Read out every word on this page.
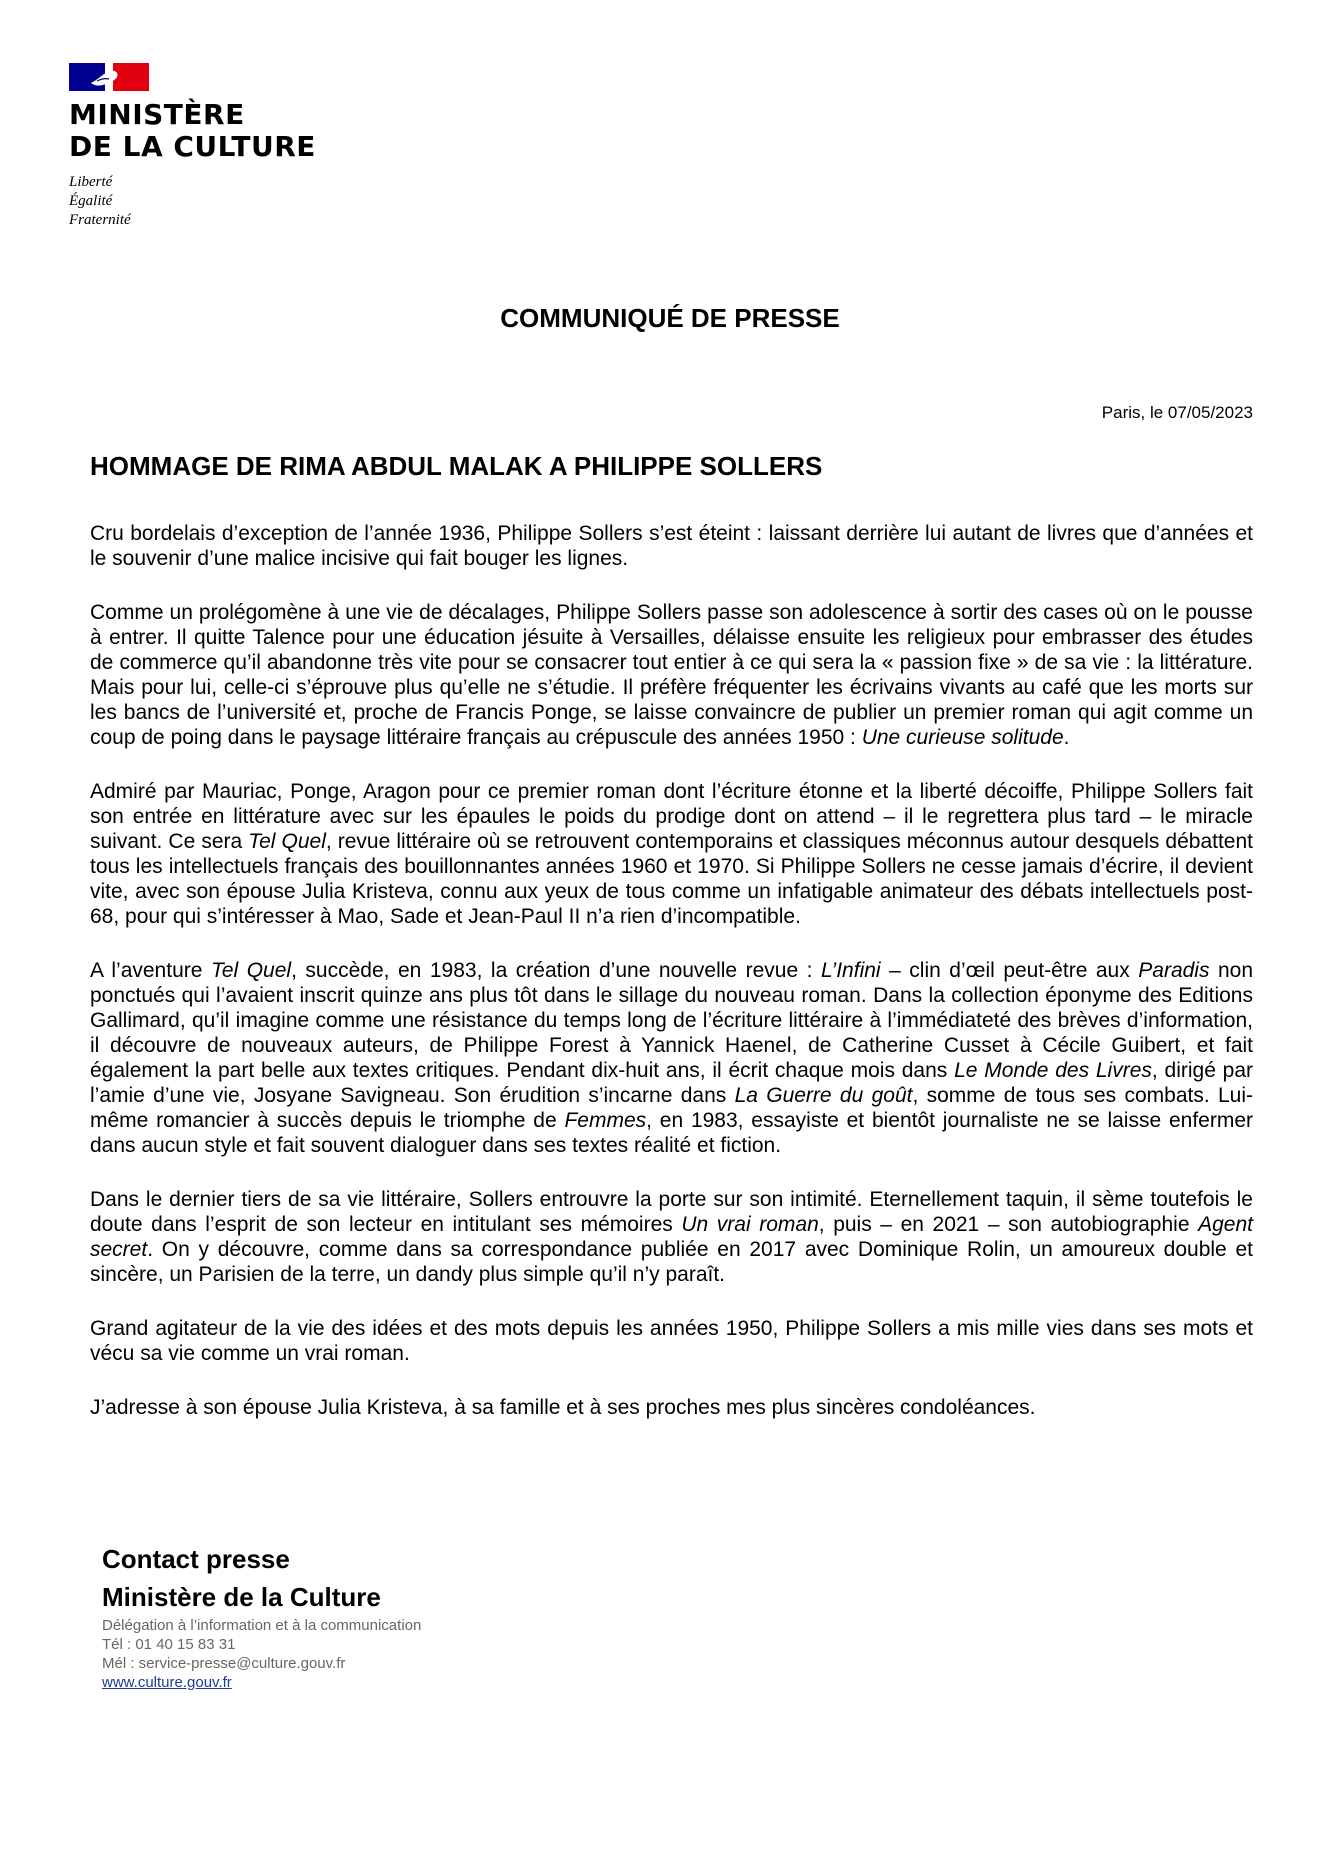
MINISTÈRE
DE LA CULTURE
Liberté
Égalité
Fraternité
COMMUNIQUÉ DE PRESSE
Paris, le 07/05/2023
HOMMAGE DE RIMA ABDUL MALAK A PHILIPPE SOLLERS

Cru bordelais d’exception de l’année 1936, Philippe Sollers s’est éteint : laissant derrière lui autant de livres que d’années et le souvenir d’une malice incisive qui fait bouger les lignes.

Comme un prolégomène à une vie de décalages, Philippe Sollers passe son adolescence à sortir des cases où on le pousse à entrer. Il quitte Talence pour une éducation jésuite à Versailles, délaisse ensuite les religieux pour embrasser des études de commerce qu’il abandonne très vite pour se consacrer tout entier à ce qui sera la « passion fixe » de sa vie : la littérature. Mais pour lui, celle-ci s’éprouve plus qu’elle ne s’étudie. Il préfère fréquenter les écrivains vivants au café que les morts sur les bancs de l’université et, proche de Francis Ponge, se laisse convaincre de publier un premier roman qui agit comme un coup de poing dans le paysage littéraire français au crépuscule des années 1950 : Une curieuse solitude.

Admiré par Mauriac, Ponge, Aragon pour ce premier roman dont l’écriture étonne et la liberté décoiffe, Philippe Sollers fait son entrée en littérature avec sur les épaules le poids du prodige dont on attend – il le regrettera plus tard – le miracle suivant. Ce sera Tel Quel, revue littéraire où se retrouvent contemporains et classiques méconnus autour desquels débattent tous les intellectuels français des bouillonnantes années 1960 et 1970. Si Philippe Sollers ne cesse jamais d’écrire, il devient vite, avec son épouse Julia Kristeva, connu aux yeux de tous comme un infatigable animateur des débats intellectuels post-68, pour qui s’intéresser à Mao, Sade et Jean-Paul II n’a rien d’incompatible.

A l’aventure Tel Quel, succède, en 1983, la création d’une nouvelle revue : L’Infini – clin d’œil peut-être aux Paradis non ponctués qui l’avaient inscrit quinze ans plus tôt dans le sillage du nouveau roman. Dans la collection éponyme des Editions Gallimard, qu’il imagine comme une résistance du temps long de l’écriture littéraire à l’immédiateté des brèves d’information, il découvre de nouveaux auteurs, de Philippe Forest à Yannick Haenel, de Catherine Cusset à Cécile Guibert, et fait également la part belle aux textes critiques. Pendant dix-huit ans, il écrit chaque mois dans Le Monde des Livres, dirigé par l’amie d’une vie, Josyane Savigneau. Son érudition s’incarne dans La Guerre du goût, somme de tous ses combats. Lui-même romancier à succès depuis le triomphe de Femmes, en 1983, essayiste et bientôt journaliste ne se laisse enfermer dans aucun style et fait souvent dialoguer dans ses textes réalité et fiction.

Dans le dernier tiers de sa vie littéraire, Sollers entrouvre la porte sur son intimité. Eternellement taquin, il sème toutefois le doute dans l’esprit de son lecteur en intitulant ses mémoires Un vrai roman, puis – en 2021 – son autobiographie Agent secret. On y découvre, comme dans sa correspondance publiée en 2017 avec Dominique Rolin, un amoureux double et sincère, un Parisien de la terre, un dandy plus simple qu’il n’y paraît.

Grand agitateur de la vie des idées et des mots depuis les années 1950, Philippe Sollers a mis mille vies dans ses mots et vécu sa vie comme un vrai roman.

J’adresse à son épouse Julia Kristeva, à sa famille et à ses proches mes plus sincères condoléances.

Contact presse
Ministère de la Culture
Délégation à l’information et à la communication
Tél : 01 40 15 83 31
Mél : service-presse@culture.gouv.fr
www.culture.gouv.fr
